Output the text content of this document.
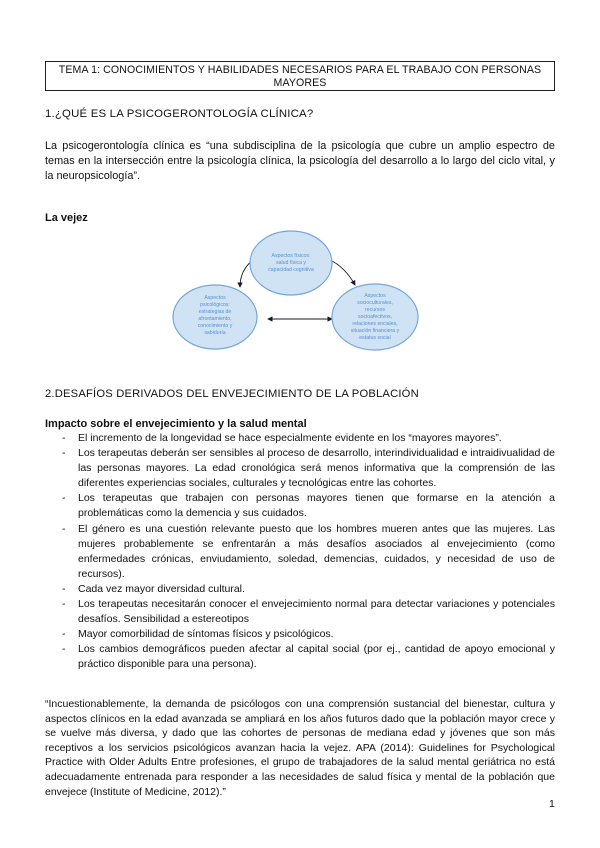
TEMA 1: CONOCIMIENTOS Y HABILIDADES NECESARIOS PARA EL TRABAJO CON PERSONAS MAYORES
1.¿QUÉ ES LA PSICOGERONTOLOGÍA CLÍNICA?
La psicogerontología clínica es “una subdisciplina de la psicología que cubre un amplio espectro de temas en la intersección entre la psicología clínica, la psicología del desarrollo a lo largo del ciclo vital, y la neuropsicología”.
La vejez
Aspectos físicos:
salud física y
capacidad cognitiva
Aspectos
psicológicos:
estrategias de
afrontamiento,
conocimiento y
sabiduría
Aspectos
socioculturales,
recursos
socioafectivos,
relaciones sociales,
situación financiera y
estatus social
2.DESAFÍOS DERIVADOS DEL ENVEJECIMIENTO DE LA POBLACIÓN
Impacto sobre el envejecimiento y la salud mental
- El incremento de la longevidad se hace especialmente evidente en los “mayores mayores”.
- Los terapeutas deberán ser sensibles al proceso de desarrollo, interindividualidad e intraidivualidad de las personas mayores. La edad cronológica será menos informativa que la comprensión de las diferentes experiencias sociales, culturales y tecnológicas entre las cohortes.
- Los terapeutas que trabajen con personas mayores tienen que formarse en la atención a problemáticas como la demencia y sus cuidados.
- El género es una cuestión relevante puesto que los hombres mueren antes que las mujeres. Las mujeres probablemente se enfrentarán a más desafíos asociados al envejecimiento (como enfermedades crónicas, enviudamiento, soledad, demencias, cuidados, y necesidad de uso de recursos).
- Cada vez mayor diversidad cultural.
- Los terapeutas necesitarán conocer el envejecimiento normal para detectar variaciones y potenciales desafíos. Sensibilidad a estereotipos
- Mayor comorbilidad de síntomas físicos y psicológicos.
- Los cambios demográficos pueden afectar al capital social (por ej., cantidad de apoyo emocional y práctico disponible para una persona).
“Incuestionablemente, la demanda de psicólogos con una comprensión sustancial del bienestar, cultura y aspectos clínicos en la edad avanzada se ampliará en los años futuros dado que la población mayor crece y se vuelve más diversa, y dado que las cohortes de personas de mediana edad y jóvenes que son más receptivos a los servicios psicológicos avanzan hacia la vejez. APA (2014): Guidelines for Psychological Practice with Older Adults Entre profesiones, el grupo de trabajadores de la salud mental geriátrica no está adecuadamente entrenada para responder a las necesidades de salud física y mental de la población que envejece (Institute of Medicine, 2012).”
1
